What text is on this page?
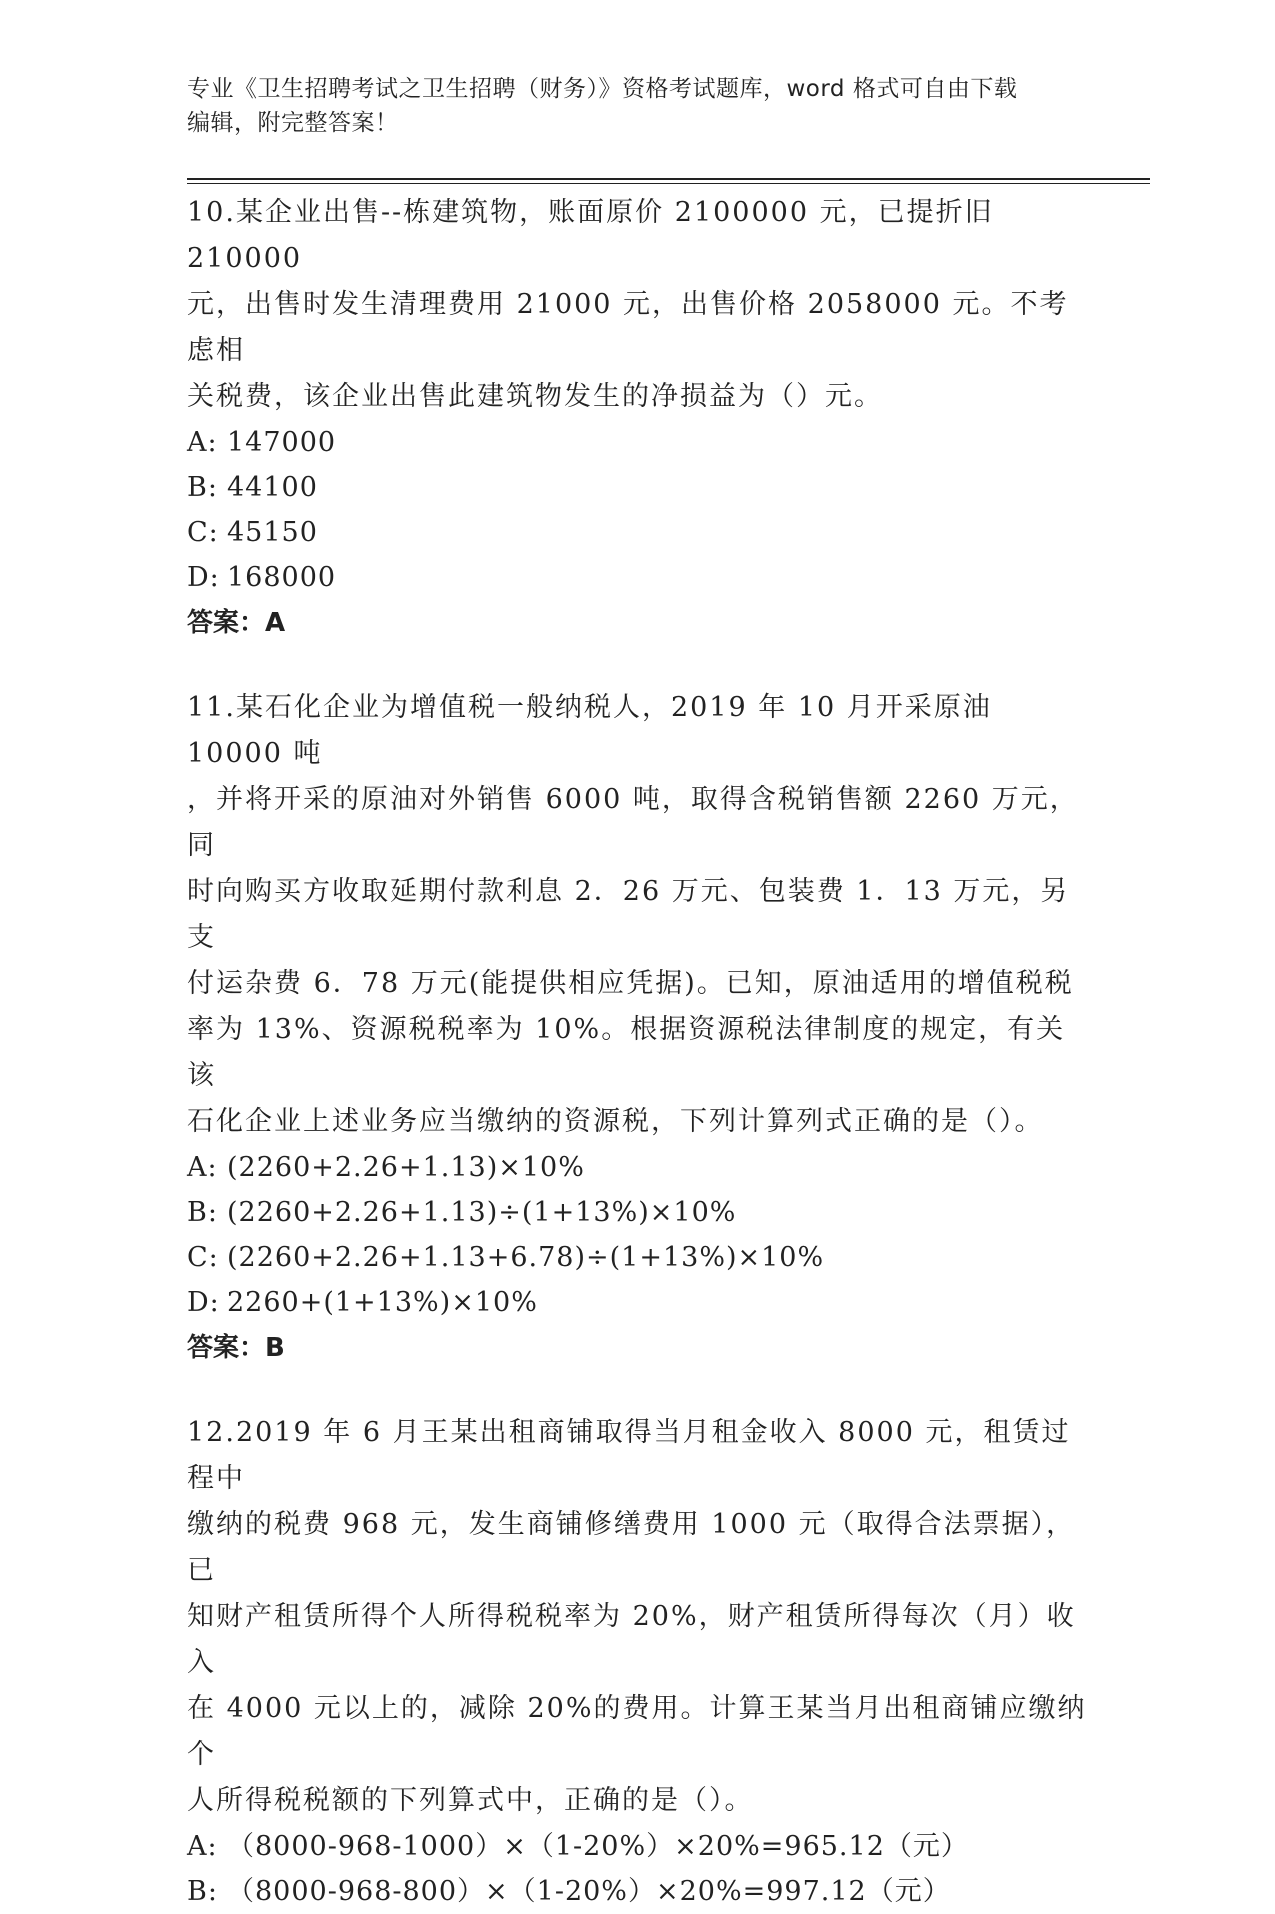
专业《卫生招聘考试之卫生招聘（财务）》资格考试题库，word 格式可自由下载
编辑，附完整答案！

10.某企业出售--栋建筑物，账面原价 2100000 元，已提折旧 210000

元，出售时发生清理费用 21000 元，出售价格 2058000 元。不考虑相

关税费，该企业出售此建筑物发生的净损益为（）元。

A: 147000

B: 44100

C: 45150

D: 168000

答案：A

11.某石化企业为增值税一般纳税人，2019 年 10 月开采原油 10000 吨

，并将开采的原油对外销售 6000 吨，取得含税销售额 2260 万元，同

时向购买方收取延期付款利息 2．26 万元、包装费 1．13 万元，另支

付运杂费 6．78 万元(能提供相应凭据)。已知，原油适用的增值税税

率为 13%、资源税税率为 10%。根据资源税法律制度的规定，有关该

石化企业上述业务应当缴纳的资源税，下列计算列式正确的是（）。

A: (2260+2.26+1.13)×10%

B: (2260+2.26+1.13)÷(1+13%)×10%

C: (2260+2.26+1.13+6.78)÷(1+13%)×10%

D: 2260+(1+13%)×10%

答案：B

12.2019 年 6 月王某出租商铺取得当月租金收入 8000 元，租赁过程中

缴纳的税费 968 元，发生商铺修缮费用 1000 元（取得合法票据），已

知财产租赁所得个人所得税税率为 20%，财产租赁所得每次（月）收入

在 4000 元以上的，减除 20%的费用。计算王某当月出租商铺应缴纳个

人所得税税额的下列算式中，正确的是（）。

A: （8000-968-1000）×（1-20%）×20%=965.12（元）

B: （8000-968-800）×（1-20%）×20%=997.12（元）
